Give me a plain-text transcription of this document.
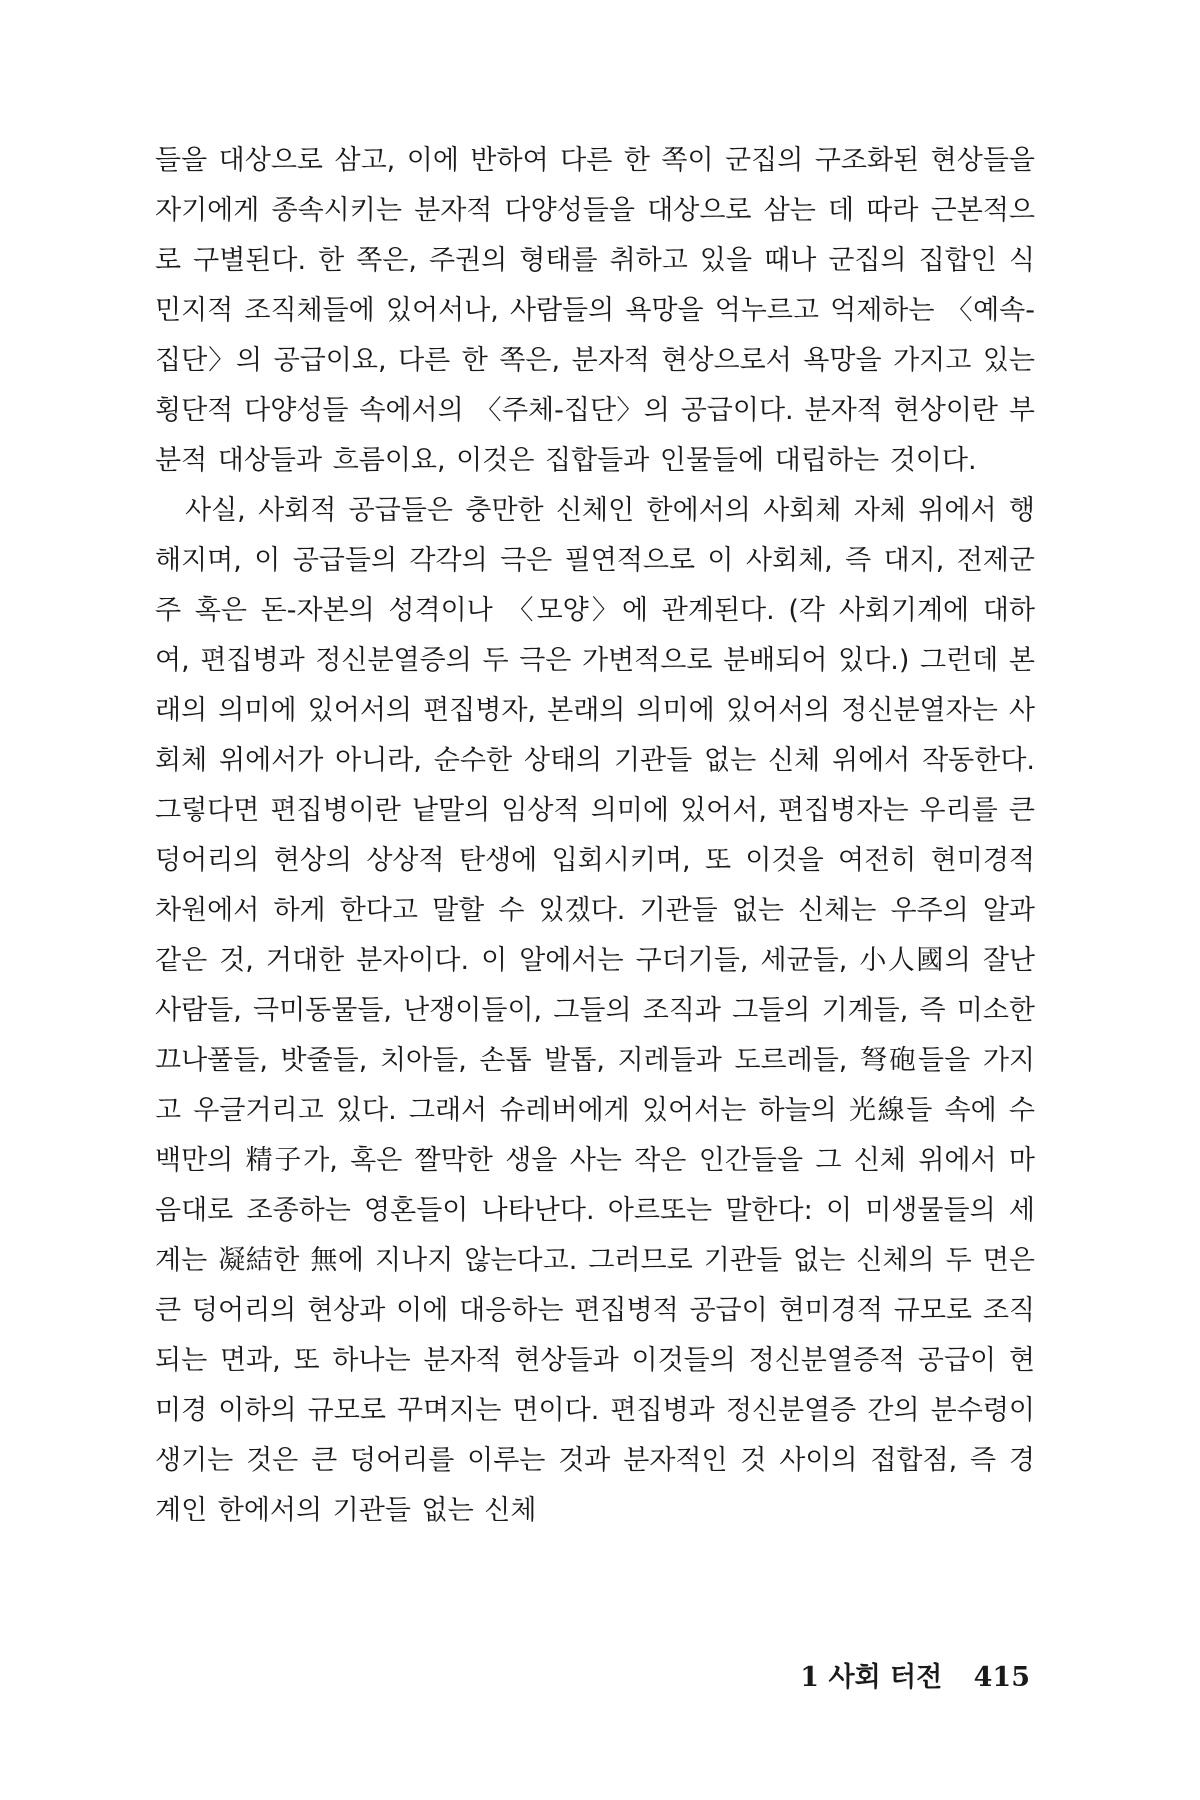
들을 대상으로 삼고, 이에 반하여 다른 한 쪽이 군집의 구조화된 현상들을 자기에게 종속시키는 분자적 다양성들을 대상으로 삼는 데 따라 근본적으로 구별된다. 한 쪽은, 주권의 형태를 취하고 있을 때나 군집의 집합인 식민지적 조직체들에 있어서나, 사람들의 욕망을 억누르고 억제하는 〈예속-집단〉의 공급이요, 다른 한 쪽은, 분자적 현상으로서 욕망을 가지고 있는 횡단적 다양성들 속에서의 〈주체-집단〉의 공급이다. 분자적 현상이란 부분적 대상들과 흐름이요, 이것은 집합들과 인물들에 대립하는 것이다.

사실, 사회적 공급들은 충만한 신체인 한에서의 사회체 자체 위에서 행해지며, 이 공급들의 각각의 극은 필연적으로 이 사회체, 즉 대지, 전제군주 혹은 돈-자본의 성격이나 〈모양〉에 관계된다. (각 사회기계에 대하여, 편집병과 정신분열증의 두 극은 가변적으로 분배되어 있다.) 그런데 본래의 의미에 있어서의 편집병자, 본래의 의미에 있어서의 정신분열자는 사회체 위에서가 아니라, 순수한 상태의 기관들 없는 신체 위에서 작동한다. 그렇다면 편집병이란 낱말의 임상적 의미에 있어서, 편집병자는 우리를 큰 덩어리의 현상의 상상적 탄생에 입회시키며, 또 이것을 여전히 현미경적 차원에서 하게 한다고 말할 수 있겠다. 기관들 없는 신체는 우주의 알과 같은 것, 거대한 분자이다. 이 알에서는 구더기들, 세균들, 小人國의 잘난 사람들, 극미동물들, 난쟁이들이, 그들의 조직과 그들의 기계들, 즉 미소한 끄나풀들, 밧줄들, 치아들, 손톱 발톱, 지레들과 도르레들, 弩砲들을 가지고 우글거리고 있다. 그래서 슈레버에게 있어서는 하늘의 光線들 속에 수백만의 精子가, 혹은 짤막한 생을 사는 작은 인간들을 그 신체 위에서 마음대로 조종하는 영혼들이 나타난다. 아르또는 말한다: 이 미생물들의 세계는 凝結한 無에 지나지 않는다고. 그러므로 기관들 없는 신체의 두 면은 큰 덩어리의 현상과 이에 대응하는 편집병적 공급이 현미경적 규모로 조직되는 면과, 또 하나는 분자적 현상들과 이것들의 정신분열증적 공급이 현미경 이하의 규모로 꾸며지는 면이다. 편집병과 정신분열증 간의 분수령이 생기는 것은 큰 덩어리를 이루는 것과 분자적인 것 사이의 접합점, 즉 경계인 한에서의 기관들 없는 신체

1 사회 터전 415
